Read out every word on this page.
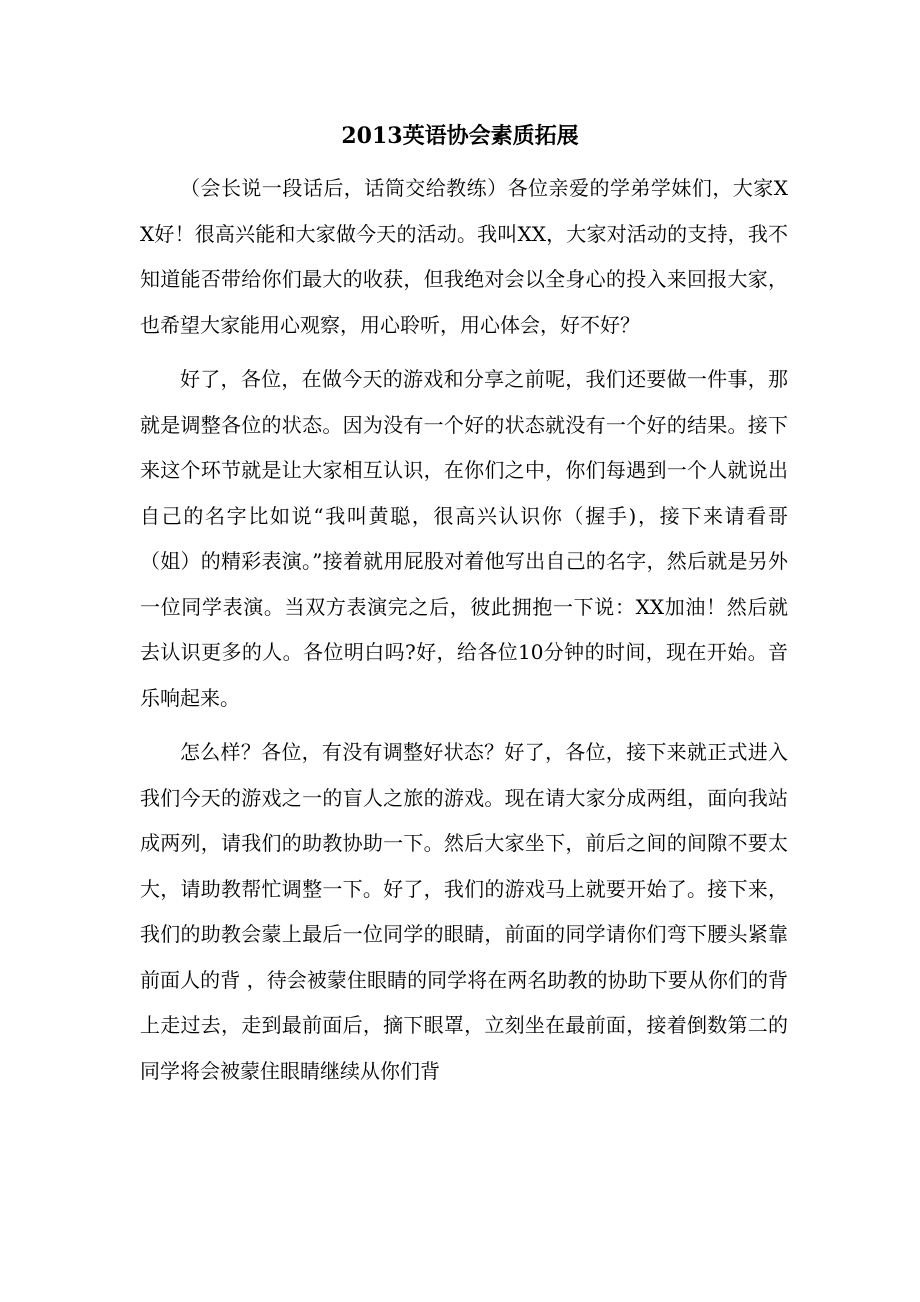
2013英语协会素质拓展

（会长说一段话后，话筒交给教练）各位亲爱的学弟学妹们，大家XX好！很高兴能和大家做今天的活动。我叫XX，大家对活动的支持，我不知道能否带给你们最大的收获，但我绝对会以全身心的投入来回报大家，也希望大家能用心观察，用心聆听，用心体会，好不好？

好了，各位，在做今天的游戏和分享之前呢，我们还要做一件事，那就是调整各位的状态。因为没有一个好的状态就没有一个好的结果。接下来这个环节就是让大家相互认识，在你们之中，你们每遇到一个人就说出自己的名字比如说“我叫黄聪，很高兴认识你（握手)，接下来请看哥（姐）的精彩表演。”接着就用屁股对着他写出自己的名字，然后就是另外一位同学表演。当双方表演完之后，彼此拥抱一下说：XX加油！然后就去认识更多的人。各位明白吗?好，给各位10分钟的时间，现在开始。音乐响起来。

怎么样？各位，有没有调整好状态？好了，各位，接下来就正式进入我们今天的游戏之一的盲人之旅的游戏。现在请大家分成两组，面向我站成两列，请我们的助教协助一下。然后大家坐下，前后之间的间隙不要太大，请助教帮忙调整一下。好了，我们的游戏马上就要开始了。接下来，我们的助教会蒙上最后一位同学的眼睛，前面的同学请你们弯下腰头紧靠前面人的背 ，待会被蒙住眼睛的同学将在两名助教的协助下要从你们的背上走过去，走到最前面后，摘下眼罩，立刻坐在最前面，接着倒数第二的同学将会被蒙住眼睛继续从你们背
